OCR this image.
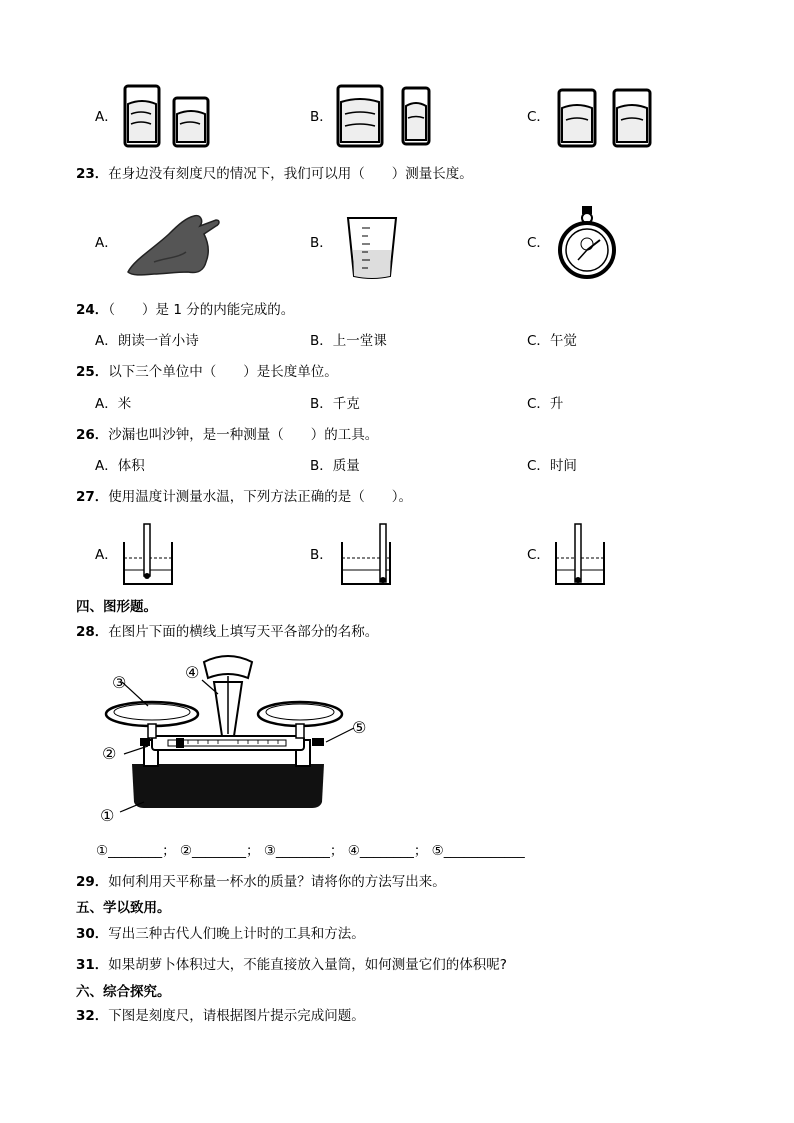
A．	B．	C．
23．在身边没有刻度尺的情况下，我们可以用（　　）测量长度。
A．	B．	C．
24．（　　）是 1 分的内能完成的。
A．朗读一首小诗	B．上一堂课	C．午觉
25．以下三个单位中（　　）是长度单位。
A．米	B．千克	C．升
26．沙漏也叫沙钟，是一种测量（　　）的工具。
A．体积	B．质量	C．时间
27．使用温度计测量水温，下列方法正确的是（　　）。
A．	B．	C．
四、图形题。
28．在图片下面的横线上填写天平各部分的名称。
③
④
②
⑤
①
①________； ②________； ③________； ④________； ⑤____________
29．如何利用天平称量一杯水的质量？请将你的方法写出来。
五、学以致用。
30．写出三种古代人们晚上计时的工具和方法。
31．如果胡萝卜体积过大，不能直接放入量筒，如何测量它们的体积呢?
六、综合探究。
32．下图是刻度尺，请根据图片提示完成问题。
